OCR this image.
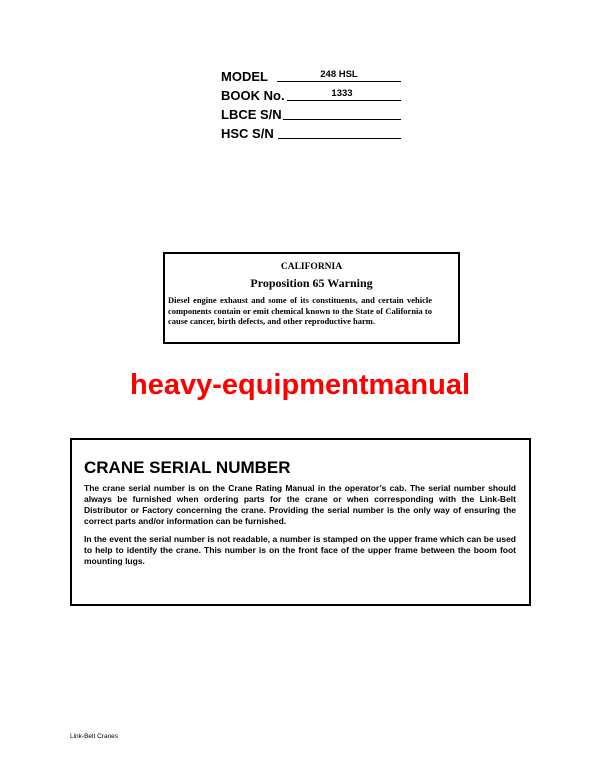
MODEL	248 HSL
BOOK No.	1333
LBCE S/N
HSC S/N
CALIFORNIA
Proposition 65 Warning
Diesel engine exhaust and some of its constituents, and certain vehicle components contain or emit chemical known to the State of California to cause cancer, birth defects, and other reproductive harm.
heavy-equipmentmanual
CRANE SERIAL NUMBER
The crane serial number is on the Crane Rating Manual in the operator’s cab. The serial number should always be furnished when ordering parts for the crane or when corresponding with the Link-Belt Distributor or Factory concerning the crane. Providing the serial number is the only way of ensuring the correct parts and/or information can be furnished.
In the event the serial number is not readable, a number is stamped on the upper frame which can be used to help to identify the crane. This number is on the front face of the upper frame between the boom foot mounting lugs.
Link-Belt Cranes
